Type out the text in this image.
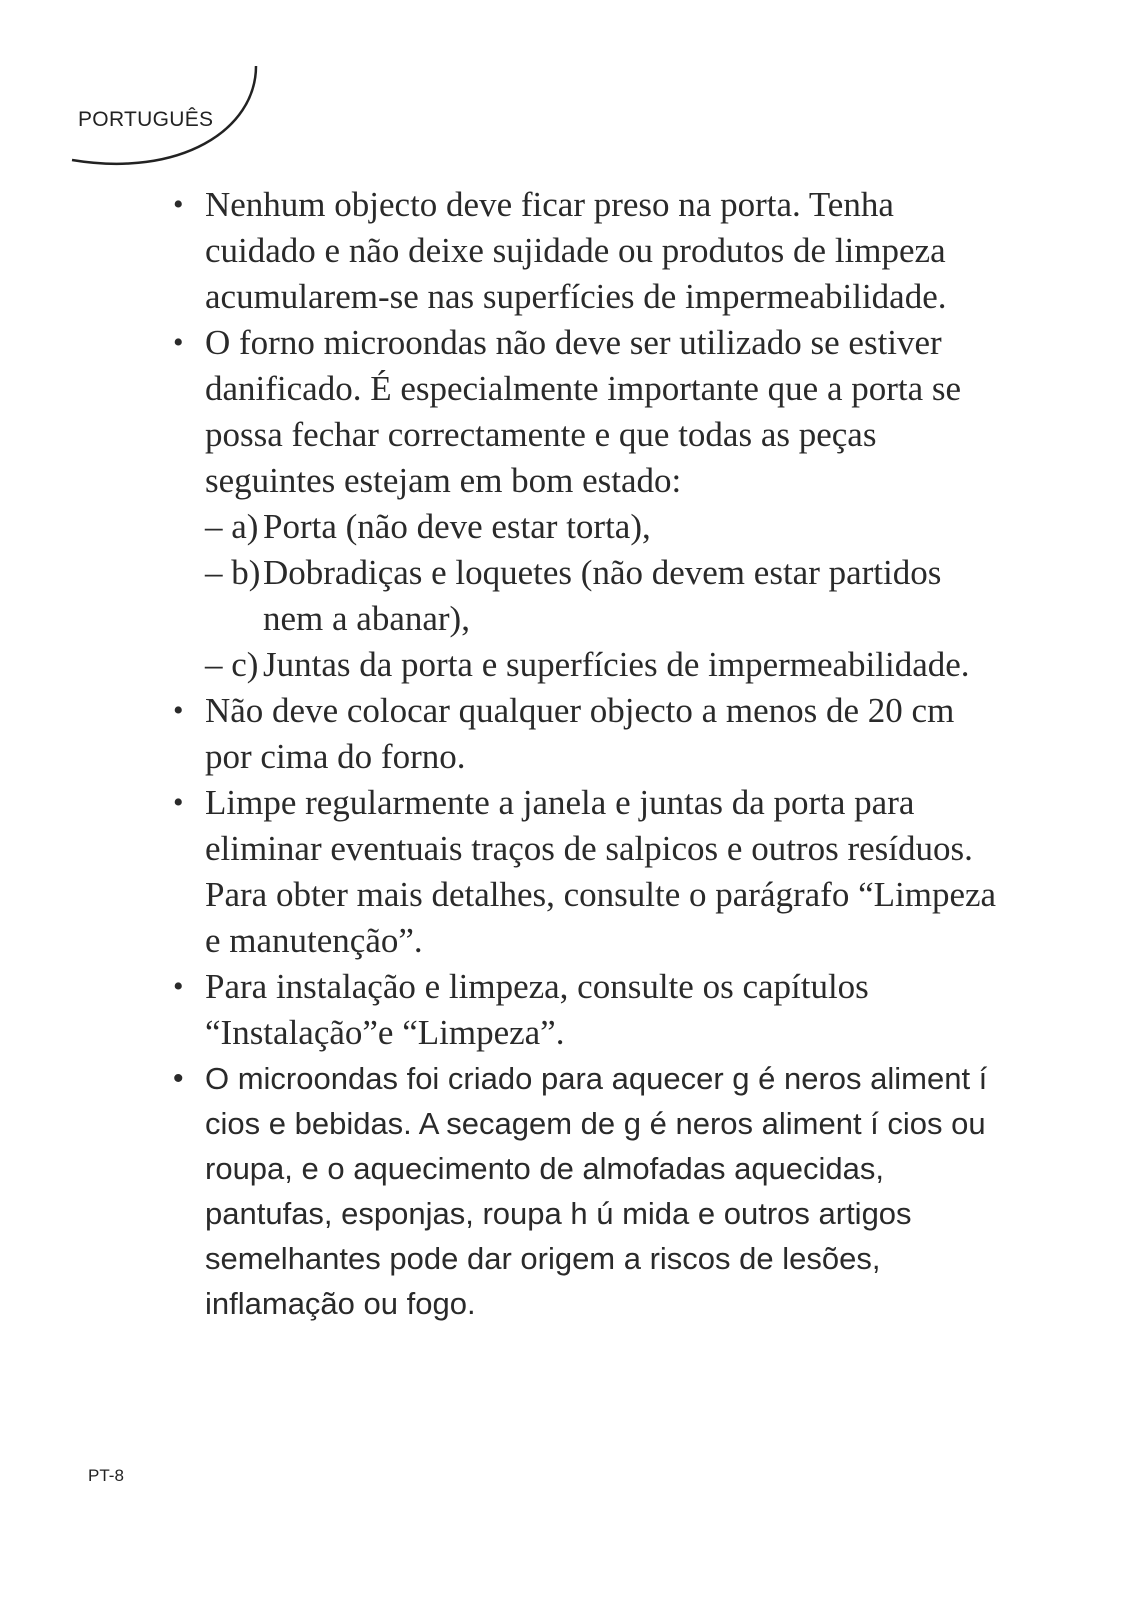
PORTUGUÊS
• Nenhum objecto deve ficar preso na porta. Tenha cuidado e não deixe sujidade ou produtos de limpeza acumularem-se nas superfícies de impermeabilidade.
• O forno microondas não deve ser utilizado se estiver danificado. É especialmente importante que a porta se possa fechar correctamente e que todas as peças seguintes estejam em bom estado:
– a) Porta (não deve estar torta),
– b) Dobradiças e loquetes (não devem estar partidos nem a abanar),
– c) Juntas da porta e superfícies de impermeabilidade.
• Não deve colocar qualquer objecto a menos de 20 cm por cima do forno.
• Limpe regularmente a janela e juntas da porta para eliminar eventuais traços de salpicos e outros resíduos. Para obter mais detalhes, consulte o parágrafo “Limpeza e manutenção”.
• Para instalação e limpeza, consulte os capítulos “Instalação”e “Limpeza”.
• O microondas foi criado para aquecer g é neros aliment í cios e bebidas. A secagem de g é neros aliment í cios ou roupa, e o aquecimento de almofadas aquecidas, pantufas, esponjas, roupa h ú mida e outros artigos semelhantes pode dar origem a riscos de lesões, inflamação ou fogo.
PT-8
